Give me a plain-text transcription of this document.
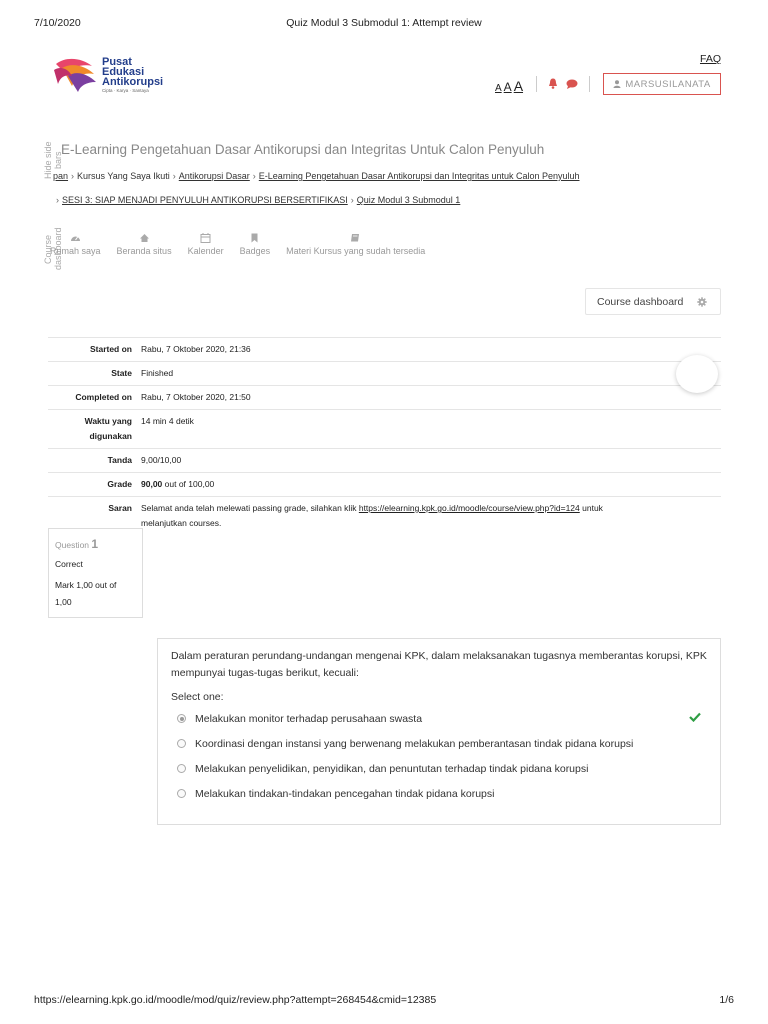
7/10/2020	Quiz Modul 3 Submodul 1: Attempt review
Pusat
Edukasi
Antikorupsi
Cipta · Karya · Santaya
FAQ
A A A	MARSUSILANATA
Hide side bars
Course dashboard
E-Learning Pengetahuan Dasar Antikorupsi dan Integritas Untuk Calon Penyuluh
pan › Kursus Yang Saya Ikuti › Antikorupsi Dasar › E-Learning Pengetahuan Dasar Antikorupsi dan Integritas untuk Calon Penyuluh
› SESI 3: SIAP MENJADI PENYULUH ANTIKORUPSI BERSERTIFIKASI › Quiz Modul 3 Submodul 1
Rumah saya Beranda situs Kalender Badges Materi Kursus yang sudah tersedia
Course dashboard
Started on	Rabu, 7 Oktober 2020, 21:36
State	Finished
Completed on	Rabu, 7 Oktober 2020, 21:50
Waktu yang
digunakan	14 min 4 detik
Tanda	9,00/10,00
Grade	90,00 out of 100,00
Saran	Selamat anda telah melewati passing grade, silahkan klik https://elearning.kpk.go.id/moodle/course/view.php?id=124 untuk
melanjutkan courses.
Question 1
Correct
Mark 1,00 out of
1,00
Dalam peraturan perundang-undangan mengenai KPK, dalam melaksanakan tugasnya memberantas korupsi, KPK mempunyai tugas-tugas berikut, kecuali:
Select one:
Melakukan monitor terhadap perusahaan swasta
Koordinasi dengan instansi yang berwenang melakukan pemberantasan tindak pidana korupsi
Melakukan penyelidikan, penyidikan, dan penuntutan terhadap tindak pidana korupsi
Melakukan tindakan-tindakan pencegahan tindak pidana korupsi
https://elearning.kpk.go.id/moodle/mod/quiz/review.php?attempt=268454&cmid=12385	1/6
